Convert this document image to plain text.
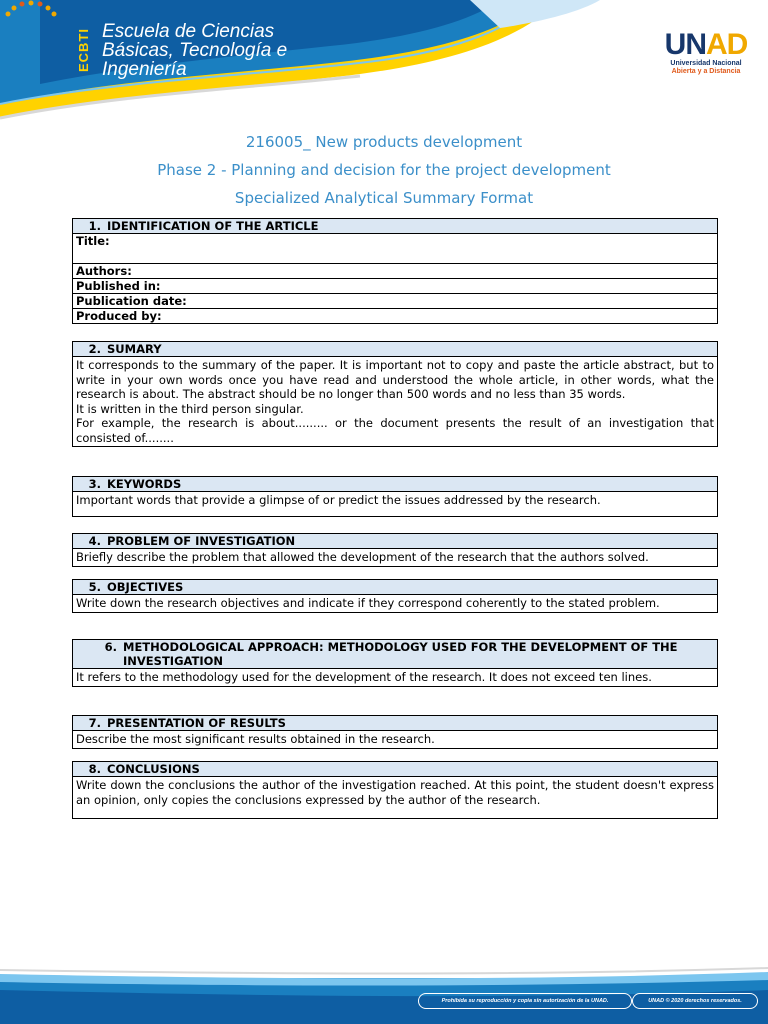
ECBTI Escuela de Ciencias
Básicas, Tecnología e
Ingeniería
UNAD
Universidad Nacional
Abierta y a Distancia
216005_ New products development
Phase 2 - Planning and decision for the project development
Specialized Analytical Summary Format
1. IDENTIFICATION OF THE ARTICLE
Title:
Authors:
Published in:
Publication date:
Produced by:
2. SUMARY
It corresponds to the summary of the paper. It is important not to copy and paste the article abstract, but to write in your own words once you have read and understood the whole article, in other words, what the research is about. The abstract should be no longer than 500 words and no less than 35 words.
It is written in the third person singular.
For example, the research is about......... or the document presents the result of an investigation that consisted of........
3. KEYWORDS
Important words that provide a glimpse of or predict the issues addressed by the research.
4. PROBLEM OF INVESTIGATION
Briefly describe the problem that allowed the development of the research that the authors solved.
5. OBJECTIVES
Write down the research objectives and indicate if they correspond coherently to the stated problem.
6. METHODOLOGICAL APPROACH: METHODOLOGY USED FOR THE DEVELOPMENT OF THE INVESTIGATION
It refers to the methodology used for the development of the research. It does not exceed ten lines.
7. PRESENTATION OF RESULTS
Describe the most significant results obtained in the research.
8. CONCLUSIONS
Write down the conclusions the author of the investigation reached. At this point, the student doesn't express an opinion, only copies the conclusions expressed by the author of the research.
Prohibida su reproducción y copia sin autorización de la UNAD.	UNAD © 2020 derechos reservados.
